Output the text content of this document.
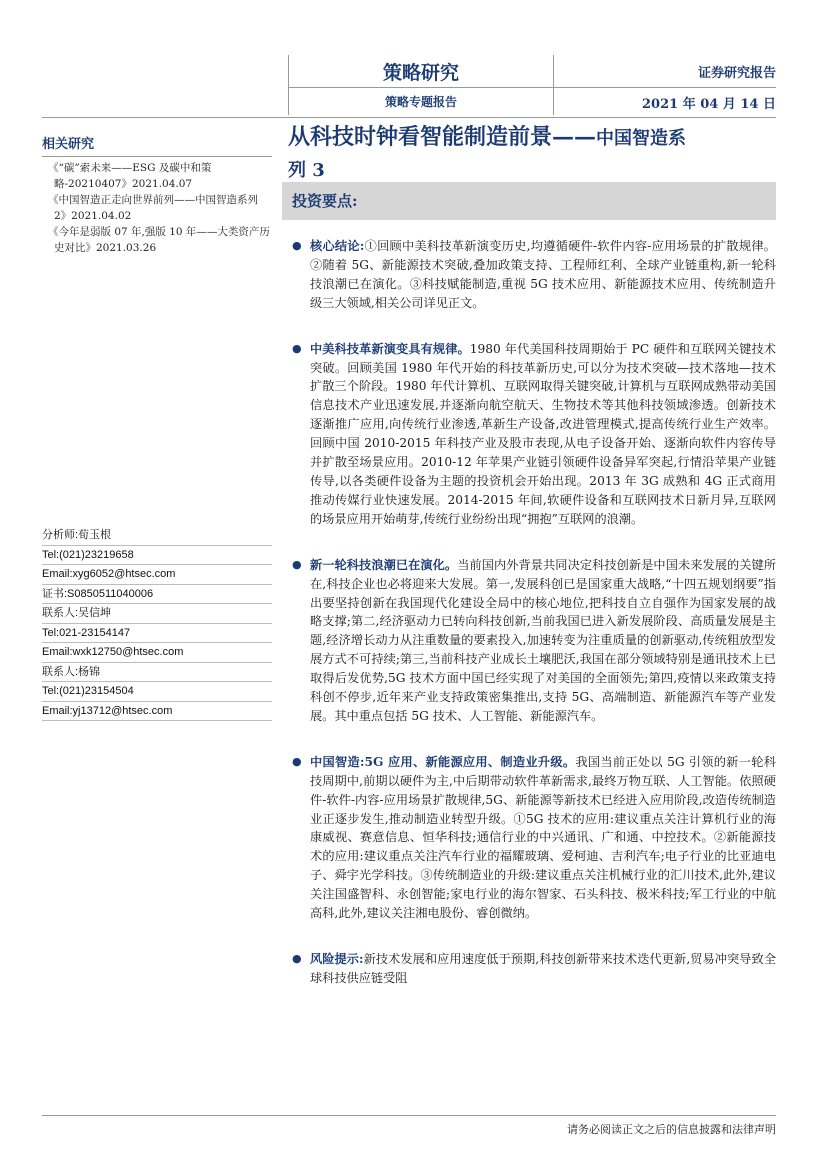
策略研究
策略专题报告
证券研究报告
2021 年 04 月 14 日
相关研究
《“碳”索未来——ESG 及碳中和策略-20210407》2021.04.07
《中国智造正走向世界前列——中国智造系列 2》2021.04.02
《今年是弱版 07 年,强版 10 年——大类资产历史对比》2021.03.26
分析师:荀玉根
Tel:(021)23219658
Email:xyg6052@htsec.com
证书:S0850511040006
联系人:吴信坤
Tel:021-23154147
Email:wxk12750@htsec.com
联系人:杨锦
Tel:(021)23154504
Email:yj13712@htsec.com
从科技时钟看智能制造前景——中国智造系
列 3
投资要点:
● 核心结论:①回顾中美科技革新演变历史,均遵循硬件-软件内容-应用场景的扩散规律。②随着 5G、新能源技术突破,叠加政策支持、工程师红利、全球产业链重构,新一轮科技浪潮已在演化。③科技赋能制造,重视 5G 技术应用、新能源技术应用、传统制造升级三大领域,相关公司详见正文。
● 中美科技革新演变具有规律。1980 年代美国科技周期始于 PC 硬件和互联网关键技术突破。回顾美国 1980 年代开始的科技革新历史,可以分为技术突破—技术落地—技术扩散三个阶段。1980 年代计算机、互联网取得关键突破,计算机与互联网成熟带动美国信息技术产业迅速发展,并逐渐向航空航天、生物技术等其他科技领域渗透。创新技术逐渐推广应用,向传统行业渗透,革新生产设备,改进管理模式,提高传统行业生产效率。回顾中国 2010-2015 年科技产业及股市表现,从电子设备开始、逐渐向软件内容传导并扩散至场景应用。2010-12 年苹果产业链引领硬件设备异军突起,行情沿苹果产业链传导,以各类硬件设备为主题的投资机会开始出现。2013 年 3G 成熟和 4G 正式商用推动传媒行业快速发展。2014-2015 年间,软硬件设备和互联网技术日新月异,互联网的场景应用开始萌芽,传统行业纷纷出现“拥抱”互联网的浪潮。
● 新一轮科技浪潮已在演化。当前国内外背景共同决定科技创新是中国未来发展的关键所在,科技企业也必将迎来大发展。第一,发展科创已是国家重大战略,“十四五规划纲要”指出要坚持创新在我国现代化建设全局中的核心地位,把科技自立自强作为国家发展的战略支撑;第二,经济驱动力已转向科技创新,当前我国已进入新发展阶段、高质量发展是主题,经济增长动力从注重数量的要素投入,加速转变为注重质量的创新驱动,传统粗放型发展方式不可持续;第三,当前科技产业成长土壤肥沃,我国在部分领域特别是通讯技术上已取得后发优势,5G 技术方面中国已经实现了对美国的全面领先;第四,疫情以来政策支持科创不停步,近年来产业支持政策密集推出,支持 5G、高端制造、新能源汽车等产业发展。其中重点包括 5G 技术、人工智能、新能源汽车。
● 中国智造:5G 应用、新能源应用、制造业升级。我国当前正处以 5G 引领的新一轮科技周期中,前期以硬件为主,中后期带动软件革新需求,最终万物互联、人工智能。依照硬件-软件-内容-应用场景扩散规律,5G、新能源等新技术已经进入应用阶段,改造传统制造业正逐步发生,推动制造业转型升级。①5G 技术的应用:建议重点关注计算机行业的海康威视、赛意信息、恒华科技;通信行业的中兴通讯、广和通、中控技术。②新能源技术的应用:建议重点关注汽车行业的福耀玻璃、爱柯迪、吉利汽车;电子行业的比亚迪电子、舜宇光学科技。③传统制造业的升级:建议重点关注机械行业的汇川技术,此外,建议关注国盛智科、永创智能;家电行业的海尔智家、石头科技、极米科技;军工行业的中航高科,此外,建议关注湘电股份、睿创微纳。
● 风险提示:新技术发展和应用速度低于预期,科技创新带来技术迭代更新,贸易冲突导致全球科技供应链受阻
请务必阅读正文之后的信息披露和法律声明
